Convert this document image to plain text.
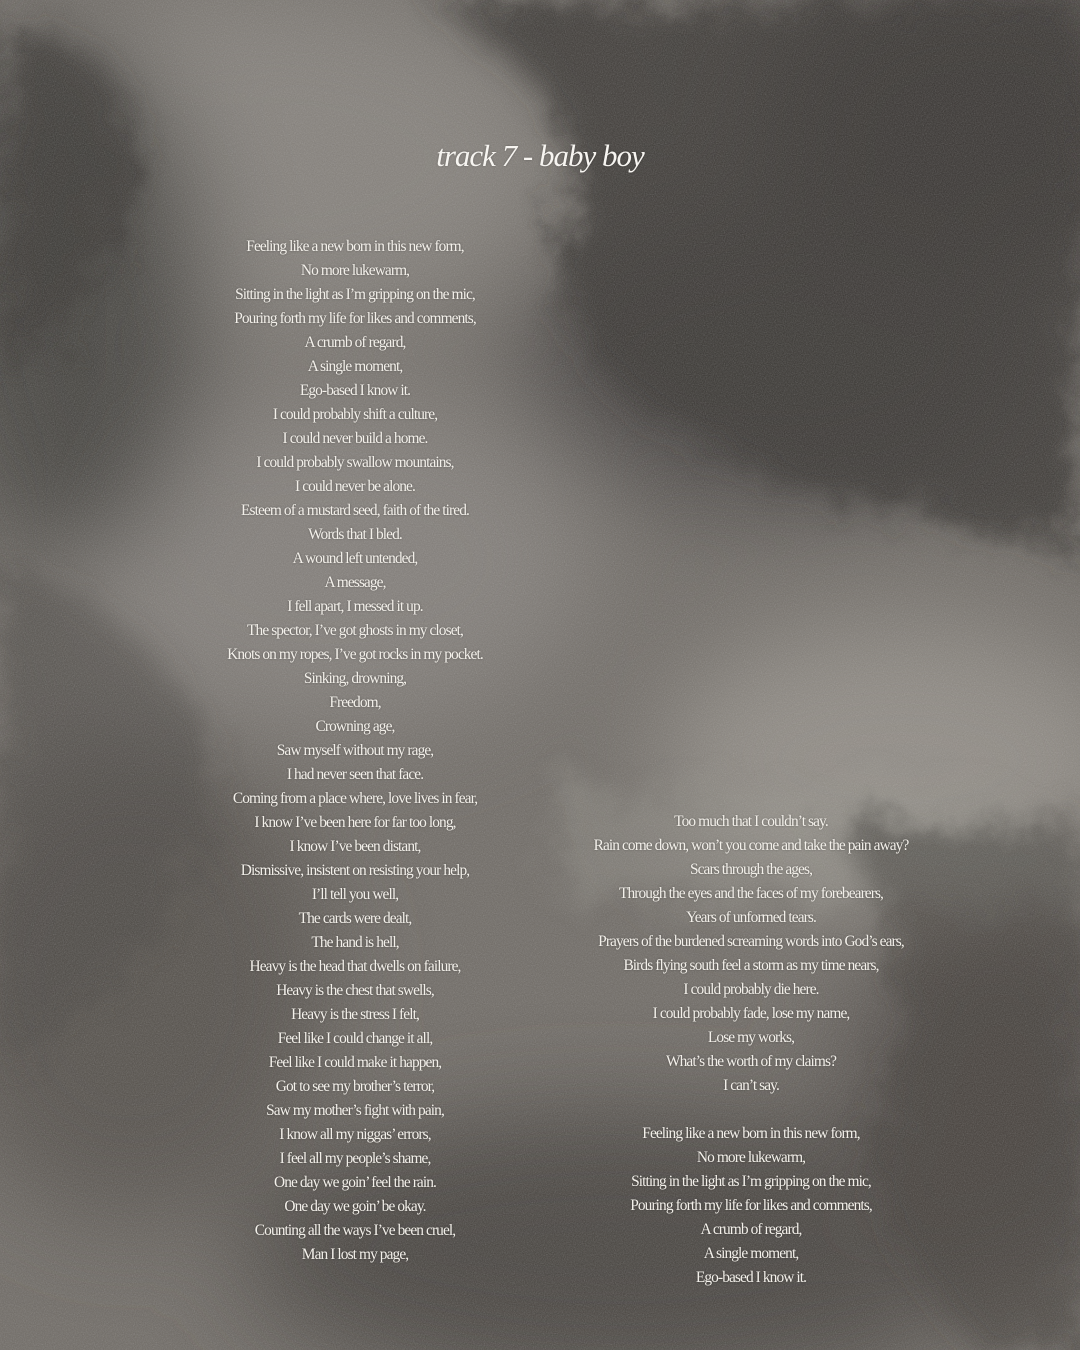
track 7 - baby boy
Feeling like a new born in this new form,
No more lukewarm,
Sitting in the light as I’m gripping on the mic,
Pouring forth my life for likes and comments,
A crumb of regard,
A single moment,
Ego-based I know it.
I could probably shift a culture,
I could never build a home.
I could probably swallow mountains,
I could never be alone.
Esteem of a mustard seed, faith of the tired.
Words that I bled.
A wound left untended,
A message,
I fell apart, I messed it up.
The spector, I’ve got ghosts in my closet,
Knots on my ropes, I’ve got rocks in my pocket.
Sinking, drowning,
Freedom,
Crowning age,
Saw myself without my rage,
I had never seen that face.
Coming from a place where, love lives in fear,
I know I’ve been here for far too long,
I know I’ve been distant,
Dismissive, insistent on resisting your help,
I’ll tell you well,
The cards were dealt,
The hand is hell,
Heavy is the head that dwells on failure,
Heavy is the chest that swells,
Heavy is the stress I felt,
Feel like I could change it all,
Feel like I could make it happen,
Got to see my brother’s terror,
Saw my mother’s fight with pain,
I know all my niggas’ errors,
I feel all my people’s shame,
One day we goin’ feel the rain.
One day we goin’ be okay.
Counting all the ways I’ve been cruel,
Man I lost my page,
Too much that I couldn’t say.
Rain come down, won’t you come and take the pain away?
Scars through the ages,
Through the eyes and the faces of my forebearers,
Years of unformed tears.
Prayers of the burdened screaming words into God’s ears,
Birds flying south feel a storm as my time nears,
I could probably die here.
I could probably fade, lose my name,
Lose my works,
What’s the worth of my claims?
I can’t say.
Feeling like a new born in this new form,
No more lukewarm,
Sitting in the light as I’m gripping on the mic,
Pouring forth my life for likes and comments,
A crumb of regard,
A single moment,
Ego-based I know it.
